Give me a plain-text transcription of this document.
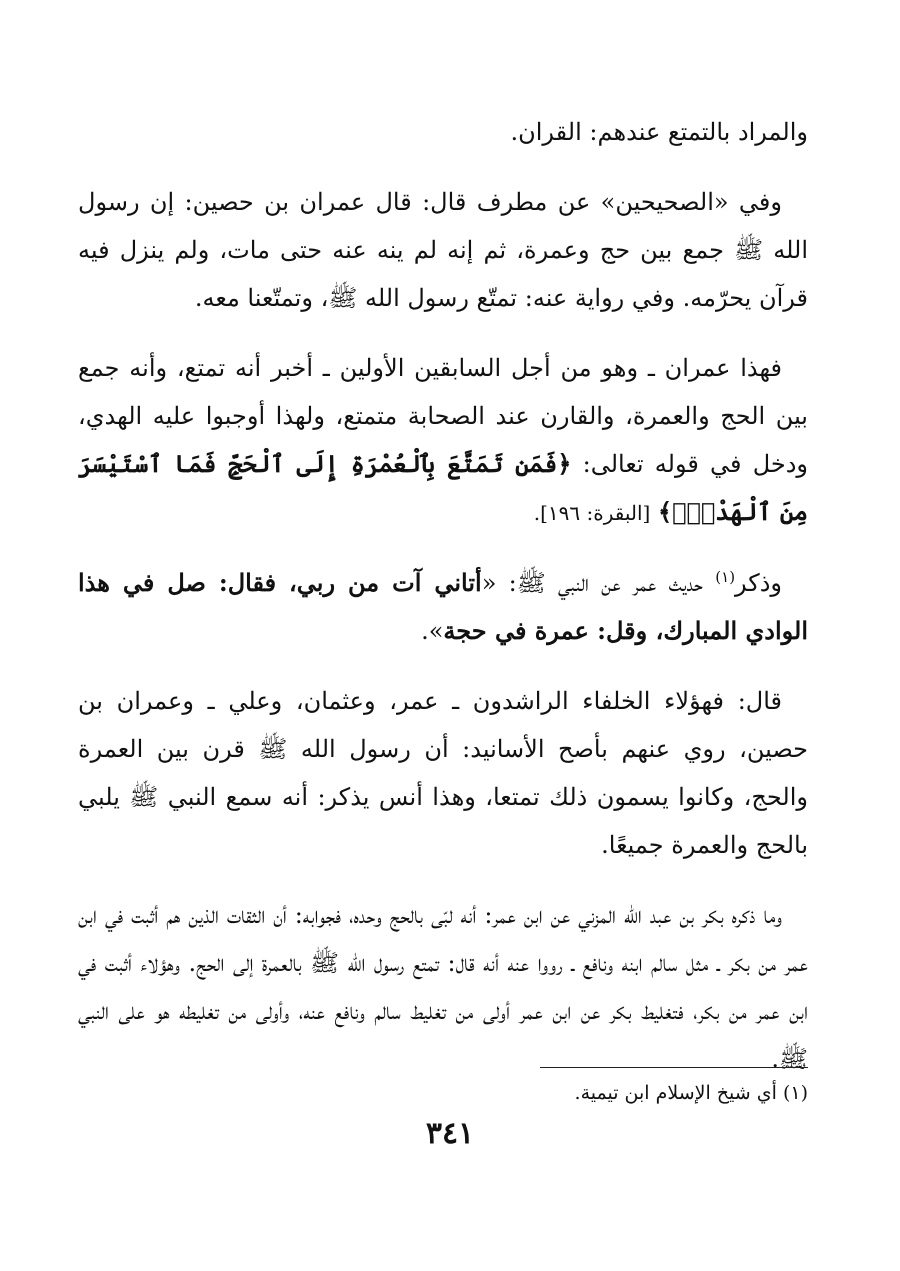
والمراد بالتمتع عندهم: القران.

وفي «الصحيحين» عن مطرف قال: قال عمران بن حصين: إن رسول الله ﷺ جمع بين حج وعمرة، ثم إنه لم ينه عنه حتى مات، ولم ينزل فيه قرآن يحرّمه. وفي رواية عنه: تمتّع رسول الله ﷺ، وتمتّعنا معه.

فهذا عمران ـ وهو من أجل السابقين الأولين ـ أخبر أنه تمتع، وأنه جمع بين الحج والعمرة، والقارن عند الصحابة متمتع، ولهذا أوجبوا عليه الهدي، ودخل في قوله تعالى: ﴿فَمَن تَمَتَّعَ بِٱلْعُمْرَةِ إِلَى ٱلْحَجِّ فَمَا ٱسْتَيْسَرَ مِنَ ٱلْهَدْيِۚ﴾ [البقرة: ١٩٦].

وذكر$^{(١)}$ حديث عمر عن النبي ﷺ: «أتاني آت من ربي، فقال: صل في هذا الوادي المبارك، وقل: عمرة في حجة».

قال: فهؤلاء الخلفاء الراشدون ـ عمر، وعثمان، وعلي ـ وعمران بن حصين، روي عنهم بأصح الأسانيد: أن رسول الله ﷺ قرن بين العمرة والحج، وكانوا يسمون ذلك تمتعا، وهذا أنس يذكر: أنه سمع النبي ﷺ يلبي بالحج والعمرة جميعًا.

وما ذكره بكر بن عبد الله المزني عن ابن عمر: أنه لبّى بالحج وحده، فجوابه: أن الثقات الذين هم أثبت في ابن عمر من بكر ـ مثل سالم ابنه ونافع ـ رووا عنه أنه قال: تمتع رسول الله ﷺ بالعمرة إلى الحج. وهؤلاء أثبت في ابن عمر من بكر، فتغليط بكر عن ابن عمر أولى من تغليط سالم ونافع عنه، وأولى من تغليطه هو على النبي ﷺ.

(١) أي شيخ الإسلام ابن تيمية.
٣٤١
